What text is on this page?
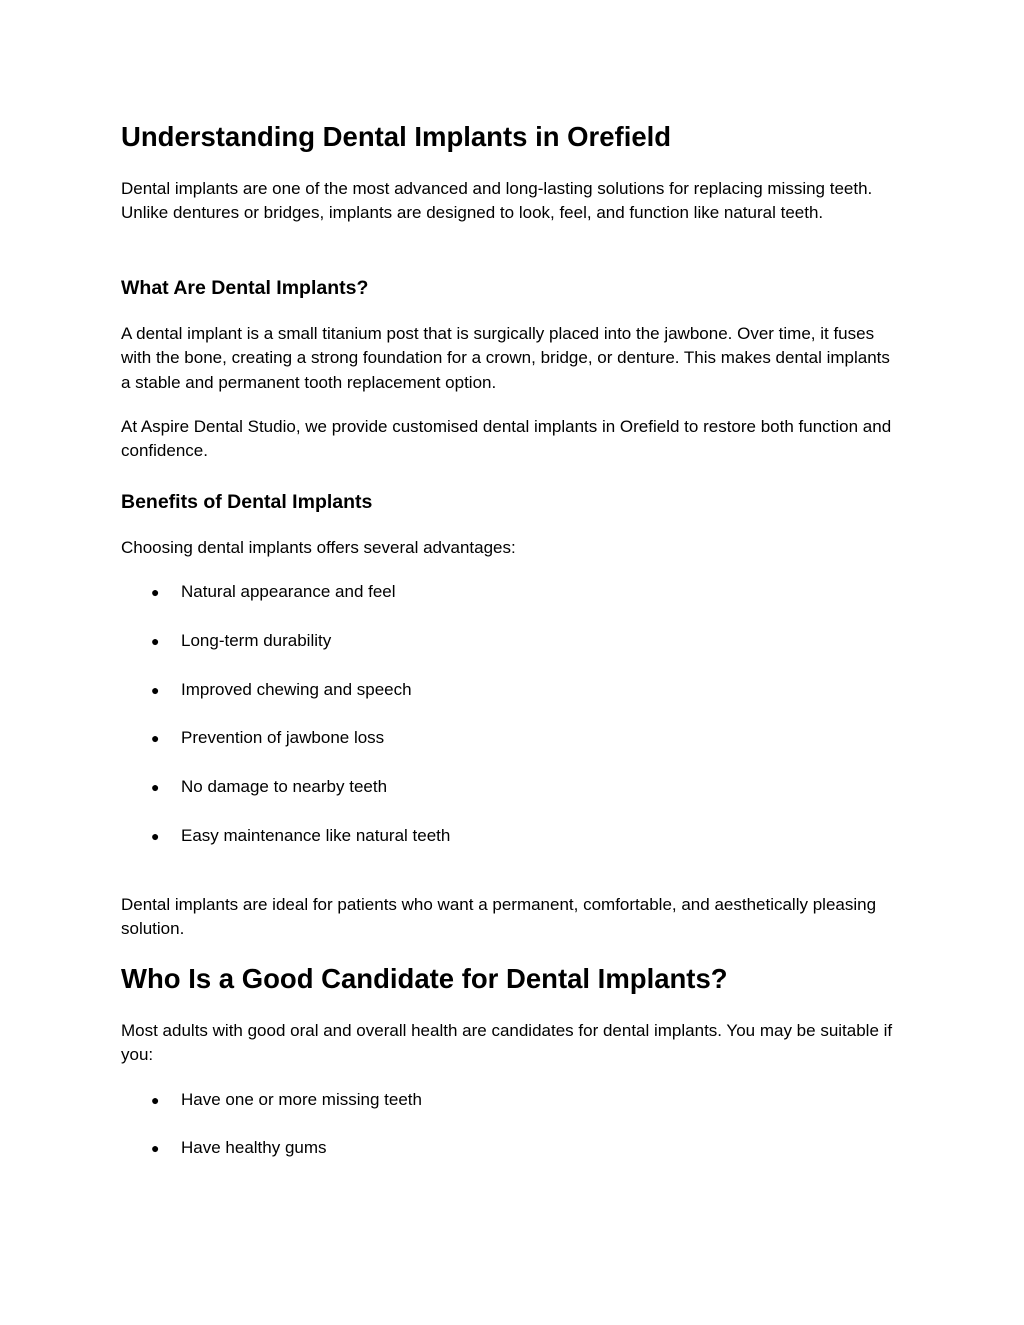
Understanding Dental Implants in Orefield

Dental implants are one of the most advanced and long-lasting solutions for replacing missing teeth. Unlike dentures or bridges, implants are designed to look, feel, and function like natural teeth.

What Are Dental Implants?

A dental implant is a small titanium post that is surgically placed into the jawbone. Over time, it fuses with the bone, creating a strong foundation for a crown, bridge, or denture. This makes dental implants a stable and permanent tooth replacement option.

At Aspire Dental Studio, we provide customised dental implants in Orefield to restore both function and confidence.

Benefits of Dental Implants

Choosing dental implants offers several advantages:

● Natural appearance and feel
● Long-term durability
● Improved chewing and speech
● Prevention of jawbone loss
● No damage to nearby teeth
● Easy maintenance like natural teeth

Dental implants are ideal for patients who want a permanent, comfortable, and aesthetically pleasing solution.

Who Is a Good Candidate for Dental Implants?

Most adults with good oral and overall health are candidates for dental implants. You may be suitable if you:

● Have one or more missing teeth
● Have healthy gums
